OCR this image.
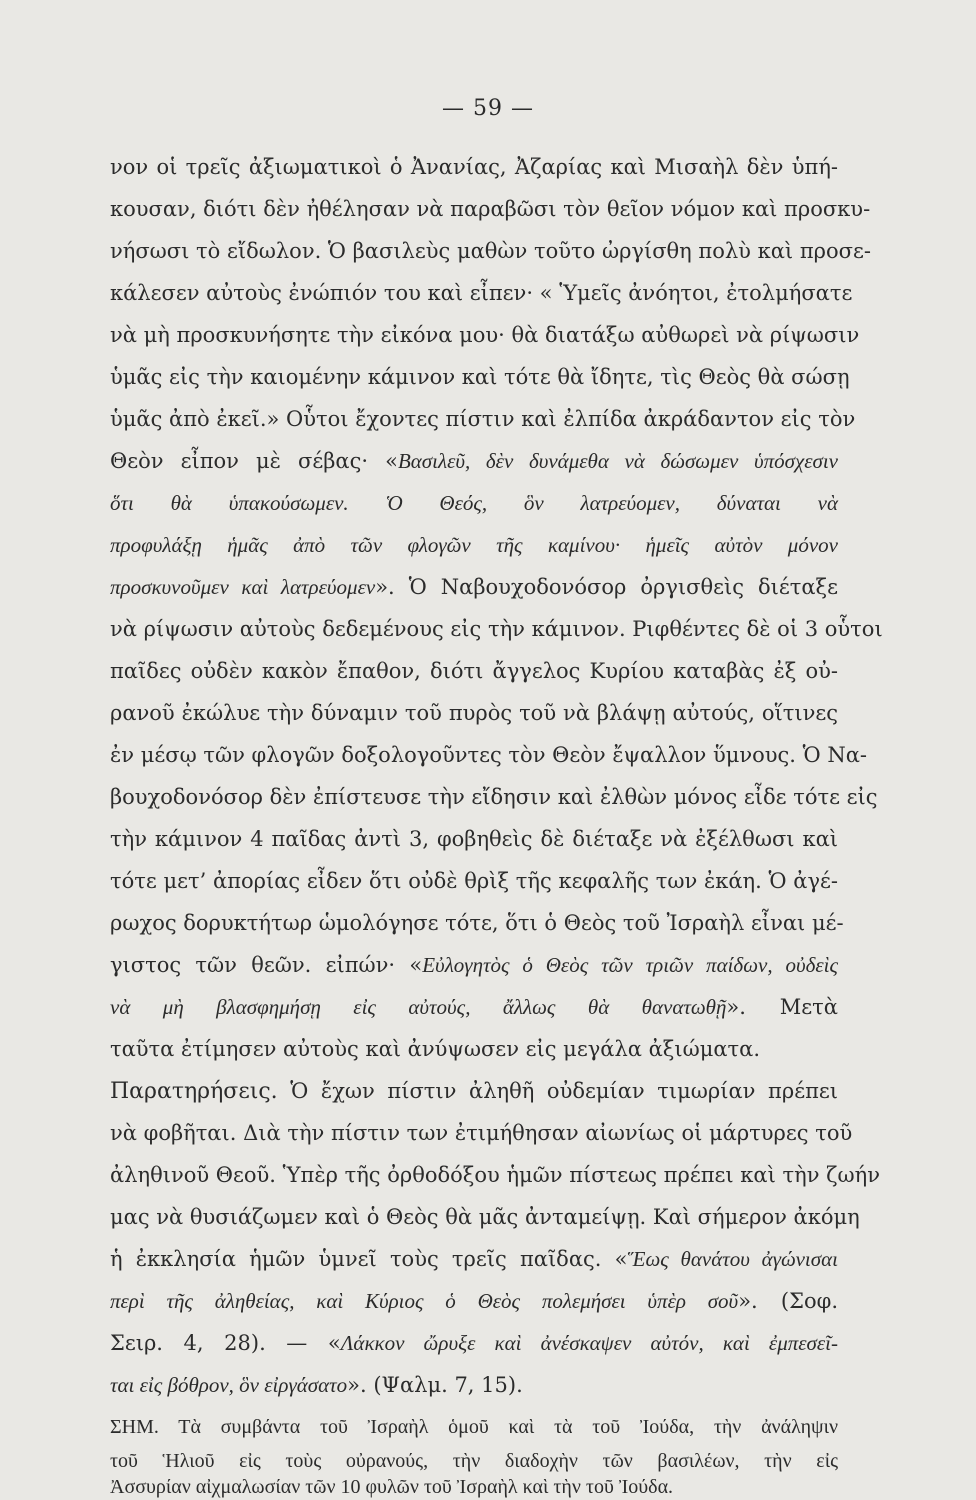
— 59 —
νον οἱ τρεῖς ἀξιωματικοὶ ὁ Ἀνανίας, Ἀζαρίας καὶ Μισαὴλ δὲν ὑπή-
κουσαν, διότι δὲν ἠθέλησαν νὰ παραβῶσι τὸν θεῖον νόμον καὶ προσκυ-
νήσωσι τὸ εἴδωλον. Ὁ βασιλεὺς μαθὼν τοῦτο ὠργίσθη πολὺ καὶ προσε-
κάλεσεν αὐτοὺς ἐνώπιόν του καὶ εἶπεν· « Ὑμεῖς ἀνόητοι, ἐτολμήσατε
νὰ μὴ προσκυνήσητε τὴν εἰκόνα μου· θὰ διατάξω αὐθωρεὶ νὰ ρίψωσιν
ὑμᾶς εἰς τὴν καιομένην κάμινον καὶ τότε θὰ ἴδητε, τὶς Θεὸς θὰ σώσῃ
ὑμᾶς ἀπὸ ἐκεῖ.» Οὗτοι ἔχοντες πίστιν καὶ ἐλπίδα ἀκράδαντον εἰς τὸν
Θεὸν εἶπον μὲ σέβας· «Βασιλεῦ, δὲν δυνάμεθα νὰ δώσωμεν ὑπόσχεσιν
ὅτι θὰ ὑπακούσωμεν. Ὁ Θεός, ὃν λατρεύομεν, δύναται νὰ
προφυλάξῃ ἡμᾶς ἀπὸ τῶν φλογῶν τῆς καμίνου· ἡμεῖς αὐτὸν μόνον
προσκυνοῦμεν καὶ λατρεύομεν». Ὁ Ναβουχοδονόσορ ὀργισθεὶς διέταξε
νὰ ρίψωσιν αὐτοὺς δεδεμένους εἰς τὴν κάμινον. Ριφθέντες δὲ οἱ 3 οὗτοι
παῖδες οὐδὲν κακὸν ἔπαθον, διότι ἄγγελος Κυρίου καταβὰς ἐξ οὐ-
ρανοῦ ἐκώλυε τὴν δύναμιν τοῦ πυρὸς τοῦ νὰ βλάψῃ αὐτούς, οἵτινες
ἐν μέσῳ τῶν φλογῶν δοξολογοῦντες τὸν Θεὸν ἔψαλλον ὕμνους. Ὁ Να-
βουχοδονόσορ δὲν ἐπίστευσε τὴν εἴδησιν καὶ ἐλθὼν μόνος εἶδε τότε εἰς
τὴν κάμινον 4 παῖδας ἀντὶ 3, φοβηθεὶς δὲ διέταξε νὰ ἐξέλθωσι καὶ
τότε μετ’ ἀπορίας εἶδεν ὅτι οὐδὲ θρὶξ τῆς κεφαλῆς των ἐκάη. Ὁ ἀγέ-
ρωχος δορυκτήτωρ ὡμολόγησε τότε, ὅτι ὁ Θεὸς τοῦ Ἰσραὴλ εἶναι μέ-
γιστος τῶν θεῶν. εἰπών· «Εὐλογητὸς ὁ Θεὸς τῶν τριῶν παίδων, οὐδεὶς
νὰ μὴ βλασφημήσῃ εἰς αὐτούς, ἄλλως θὰ θανατωθῇ». Μετὰ
ταῦτα ἐτίμησεν αὐτοὺς καὶ ἀνύψωσεν εἰς μεγάλα ἀξιώματα.
Παρατηρήσεις. Ὁ ἔχων πίστιν ἀληθῆ οὐδεμίαν τιμωρίαν πρέπει
νὰ φοβῆται. Διὰ τὴν πίστιν των ἐτιμήθησαν αἰωνίως οἱ μάρτυρες τοῦ
ἀληθινοῦ Θεοῦ. Ὑπὲρ τῆς ὀρθοδόξου ἡμῶν πίστεως πρέπει καὶ τὴν ζωήν
μας νὰ θυσιάζωμεν καὶ ὁ Θεὸς θὰ μᾶς ἀνταμείψῃ. Καὶ σήμερον ἀκόμη
ἡ ἐκκλησία ἡμῶν ὑμνεῖ τοὺς τρεῖς παῖδας. «Ἕως θανάτου ἀγώνισαι
περὶ τῆς ἀληθείας, καὶ Κύριος ὁ Θεὸς πολεμήσει ὑπὲρ σοῦ». (Σοφ.
Σειρ. 4, 28). — «Λάκκον ὤρυξε καὶ ἀνέσκαψεν αὐτόν, καὶ ἐμπεσεῖ-
ται εἰς βόθρον, ὃν εἰργάσατο». (Ψαλμ. 7, 15).
ΣΗΜ. Τὰ συμβάντα τοῦ Ἰσραὴλ ὁμοῦ καὶ τὰ τοῦ Ἰούδα, τὴν ἀνάληψιν
τοῦ Ἡλιοῦ εἰς τοὺς οὐρανούς, τὴν διαδοχὴν τῶν βασιλέων, τὴν εἰς
Ἀσσυρίαν αἰχμαλωσίαν τῶν 10 φυλῶν τοῦ Ἰσραὴλ καὶ τὴν τοῦ Ἰούδα.
